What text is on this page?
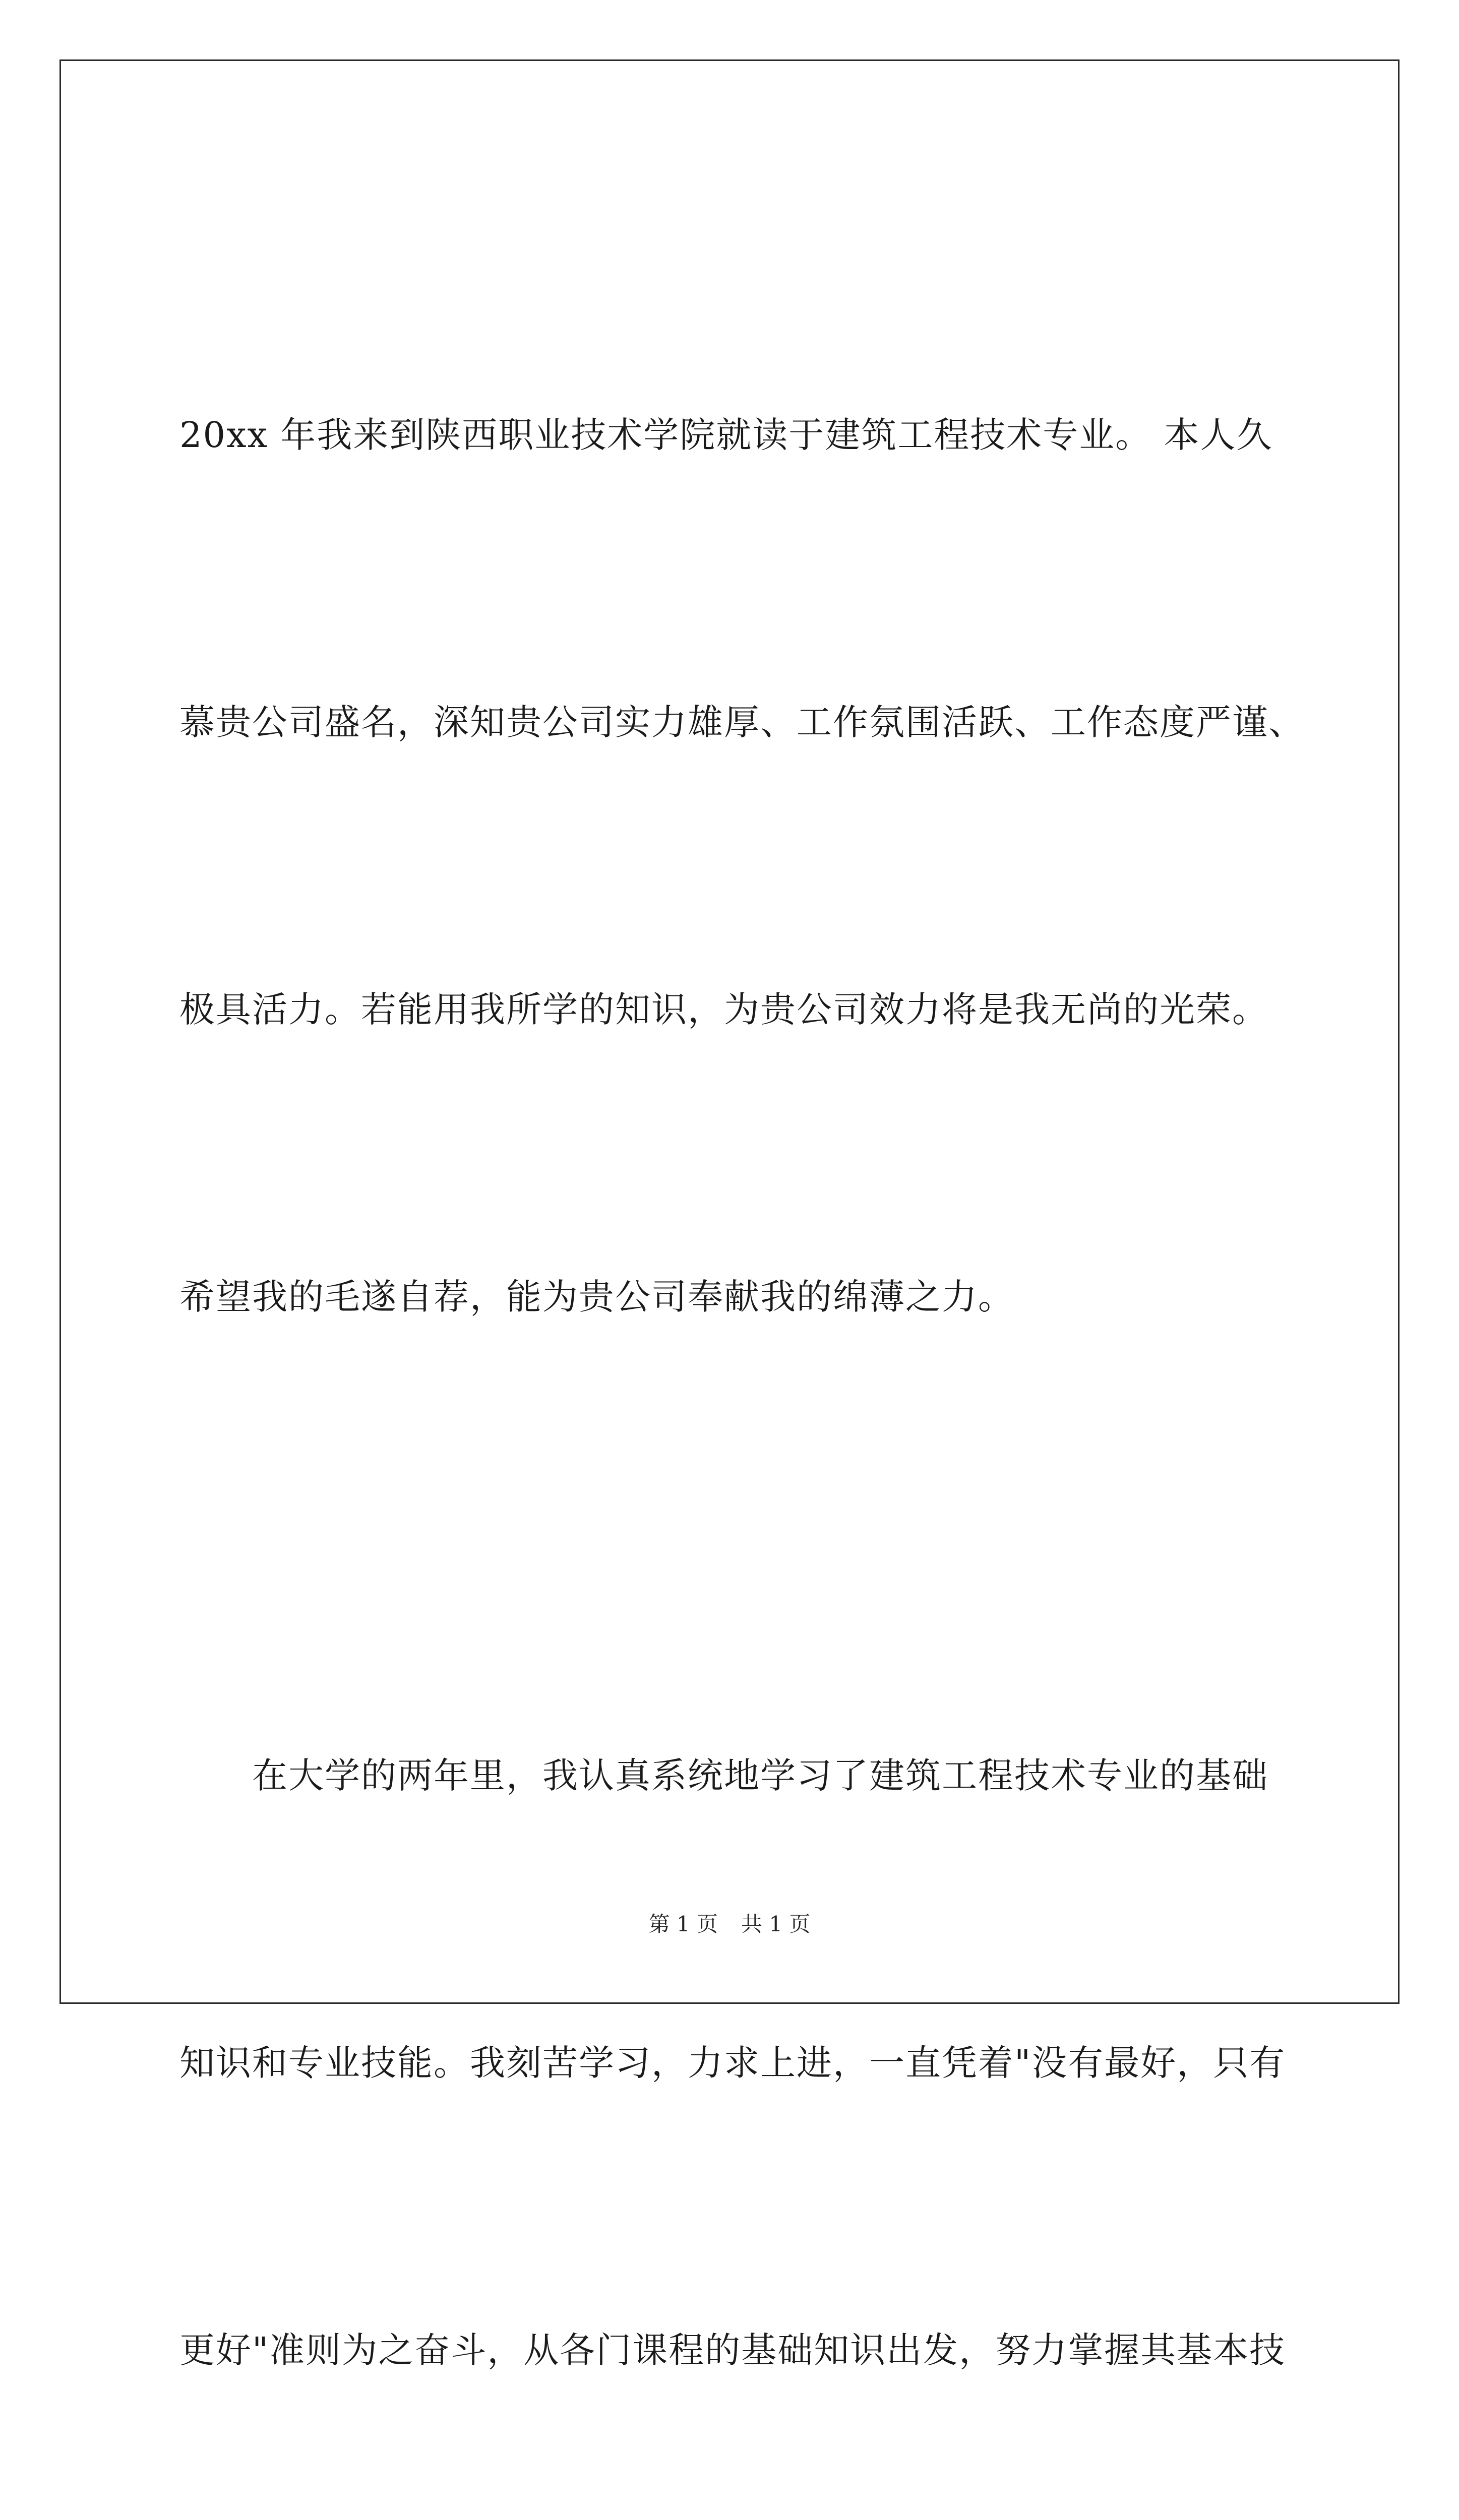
20xx 年我来到陕西职业技术学院就读于建筑工程技术专业。 本人久

慕贵公司盛名，深知贵公司实力雄厚、工作氛围活跃、工作态度严谨、

极具活力。若能用我所学的知识，为贵公司效力将是我无尚的光荣。

希望我的毛遂自荐，能为贵公司奉献我的绵薄之力。

　　在大学的两年里，我认真系统地学习了建筑工程技术专业的基础

知识和专业技能。我刻苦学习，力求上进，一直凭着"没有最好，只有

更好"准则为之奋斗，从各门课程的基础知识出发，努力掌握其基本技

第 1 页 共 1 页
